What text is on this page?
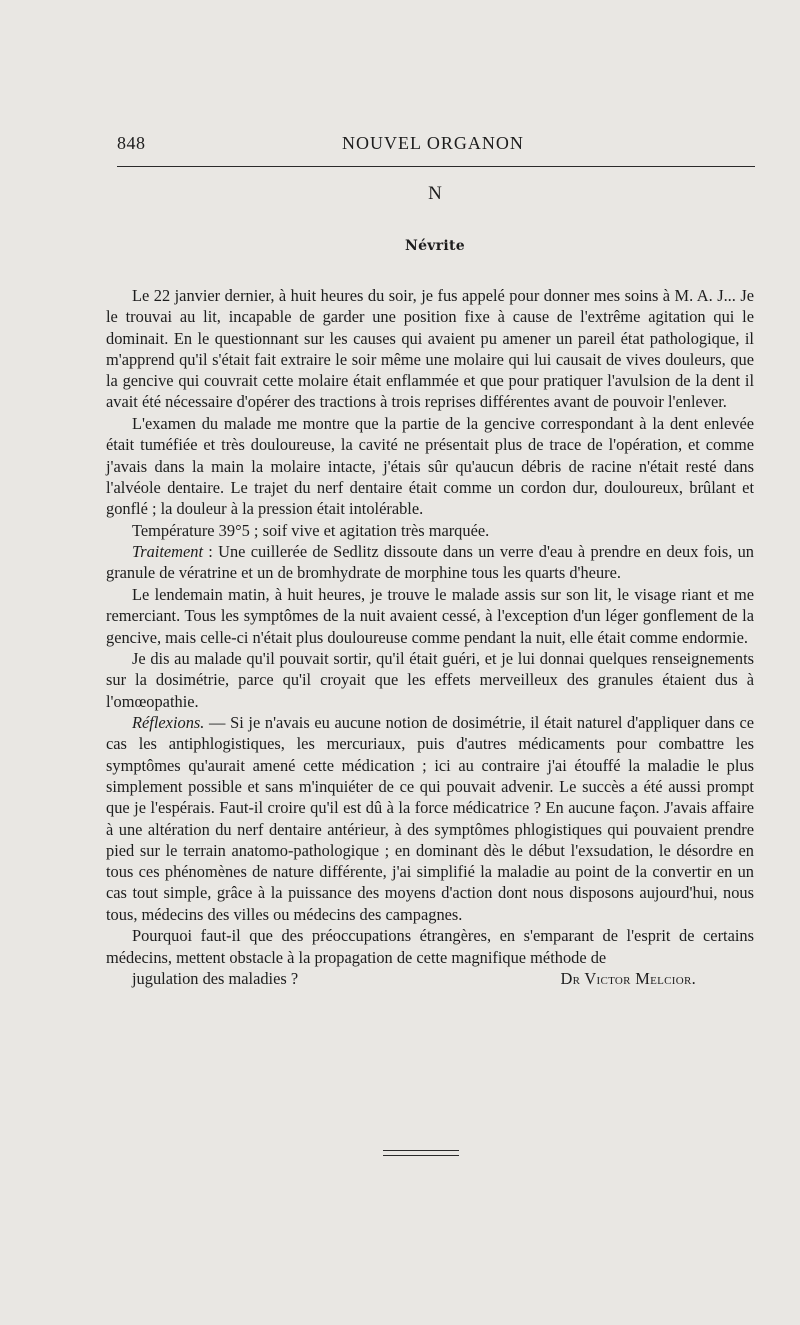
848	NOUVEL ORGANON
N
Névrite

Le 22 janvier dernier, à huit heures du soir, je fus appelé pour donner mes soins à M. A. J... Je le trouvai au lit, incapable de garder une position fixe à cause de l'extrême agitation qui le dominait. En le questionnant sur les causes qui avaient pu amener un pareil état pathologique, il m'apprend qu'il s'était fait extraire le soir même une molaire qui lui causait de vives douleurs, que la gencive qui couvrait cette molaire était enflammée et que pour pratiquer l'avulsion de la dent il avait été nécessaire d'opérer des tractions à trois reprises différentes avant de pouvoir l'enlever.

L'examen du malade me montre que la partie de la gencive correspondant à la dent enlevée était tuméfiée et très douloureuse, la cavité ne présentait plus de trace de l'opération, et comme j'avais dans la main la molaire intacte, j'étais sûr qu'aucun débris de racine n'était resté dans l'alvéole dentaire. Le trajet du nerf dentaire était comme un cordon dur, douloureux, brûlant et gonflé ; la douleur à la pression était intolérable.

Température 39°5 ; soif vive et agitation très marquée.

Traitement : Une cuillerée de Sedlitz dissoute dans un verre d'eau à prendre en deux fois, un granule de vératrine et un de bromhydrate de morphine tous les quarts d'heure.

Le lendemain matin, à huit heures, je trouve le malade assis sur son lit, le visage riant et me remerciant. Tous les symptômes de la nuit avaient cessé, à l'exception d'un léger gonflement de la gencive, mais celle-ci n'était plus douloureuse comme pendant la nuit, elle était comme endormie.

Je dis au malade qu'il pouvait sortir, qu'il était guéri, et je lui donnai quelques renseignements sur la dosimétrie, parce qu'il croyait que les effets merveilleux des granules étaient dus à l'omœopathie.

Réflexions. — Si je n'avais eu aucune notion de dosimétrie, il était naturel d'appliquer dans ce cas les antiphlogistiques, les mercuriaux, puis d'autres médicaments pour combattre les symptômes qu'aurait amené cette médication ; ici au contraire j'ai étouffé la maladie le plus simplement possible et sans m'inquiéter de ce qui pouvait advenir. Le succès a été aussi prompt que je l'espérais. Faut-il croire qu'il est dû à la force médicatrice ? En aucune façon. J'avais affaire à une altération du nerf dentaire antérieur, à des symptômes phlogistiques qui pouvaient prendre pied sur le terrain anatomo-pathologique ; en dominant dès le début l'exsudation, le désordre en tous ces phénomènes de nature différente, j'ai simplifié la maladie au point de la convertir en un cas tout simple, grâce à la puissance des moyens d'action dont nous disposons aujourd'hui, nous tous, médecins des villes ou médecins des campagnes.

Pourquoi faut-il que des préoccupations étrangères, en s'emparant de l'esprit de certains médecins, mettent obstacle à la propagation de cette magnifique méthode de
jugulation des maladies ?	Dr Victor Melcior.
